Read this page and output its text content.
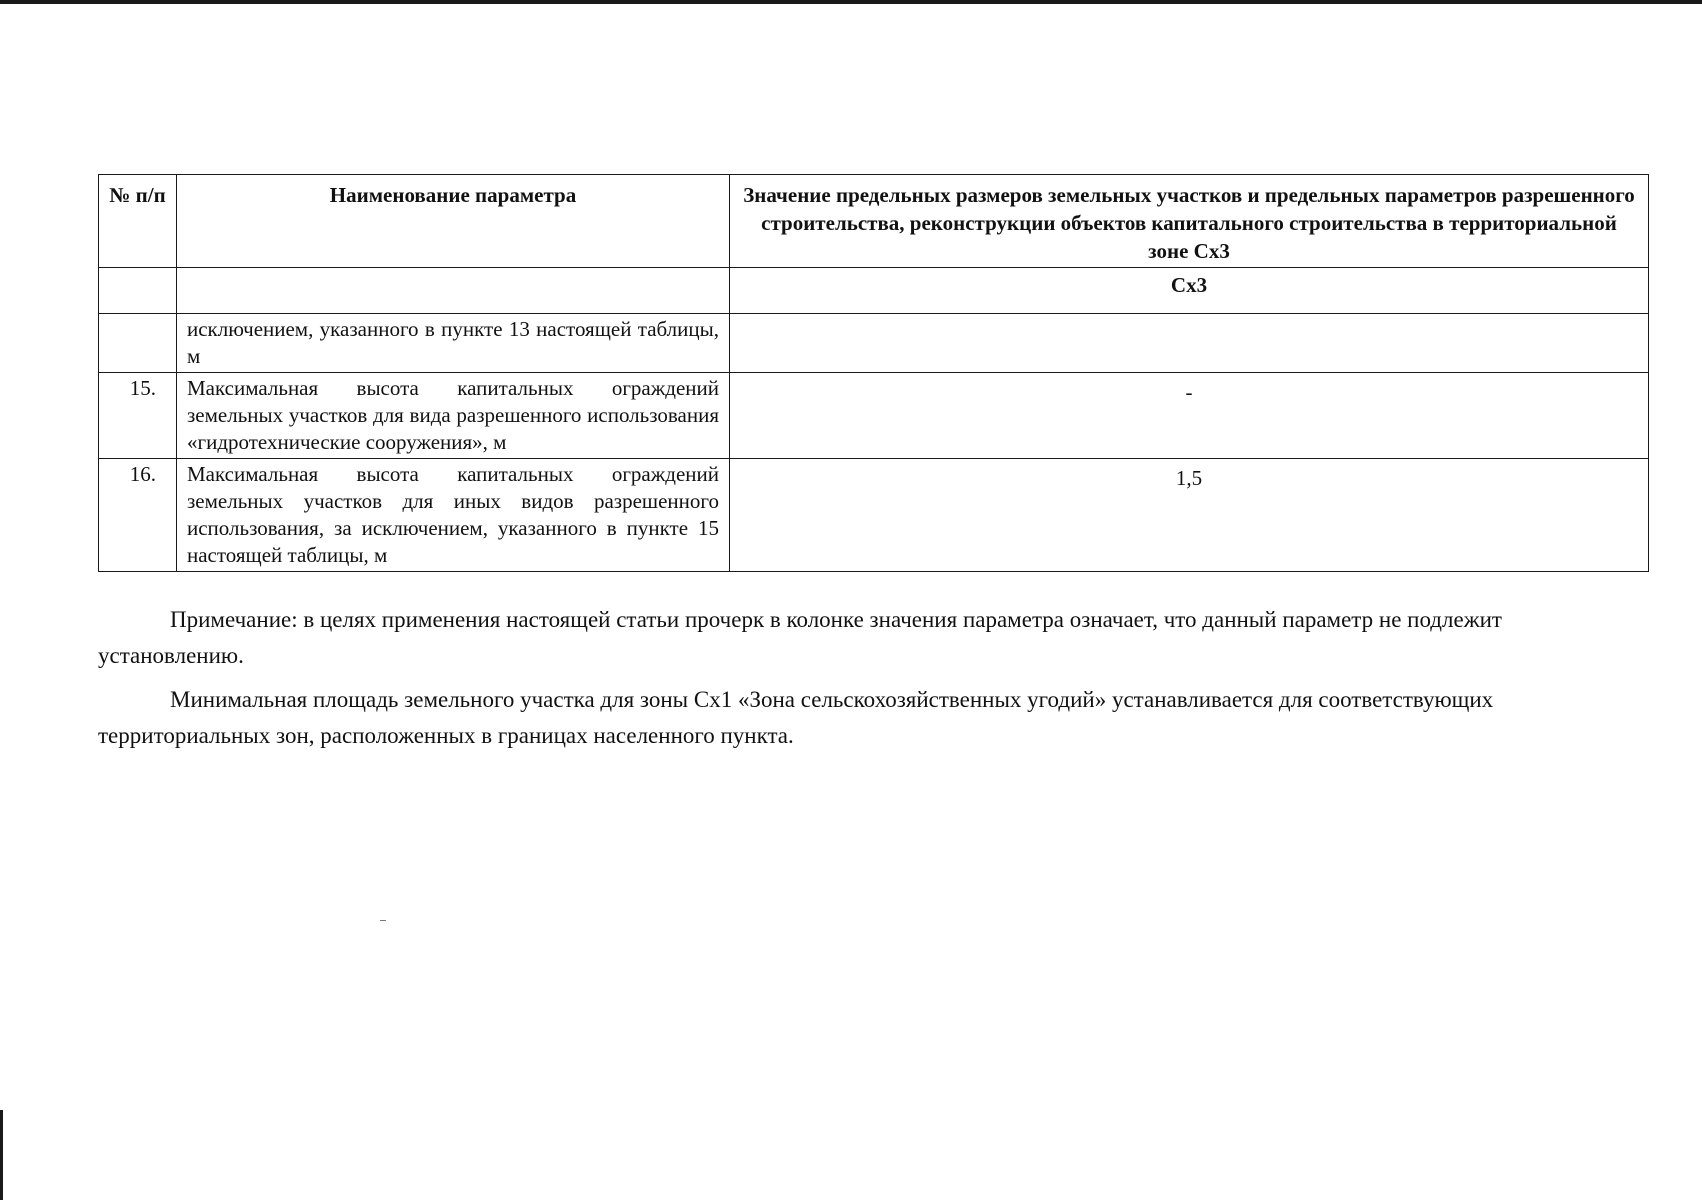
№ п/п	Наименование параметра	Значение предельных размеров земельных участков и предельных параметров разрешенного строительства, реконструкции объектов капитального строительства в территориальной зоне Сх3
		Сх3
	исключением, указанного в пункте 13 настоящей таблицы, м	
15.	Максимальная высота капитальных ограждений земельных участков для вида разрешенного использования «гидротехнические сооружения», м	-
16.	Максимальная высота капитальных ограждений земельных участков для иных видов разрешенного использования, за исключением, указанного в пункте 15 настоящей таблицы, м	1,5

Примечание: в целях применения настоящей статьи прочерк в колонке значения параметра означает, что данный параметр не подлежит установлению.

Минимальная площадь земельного участка для зоны Сх1 «Зона сельскохозяйственных угодий» устанавливается для соответствующих территориальных зон, расположенных в границах населенного пункта.
